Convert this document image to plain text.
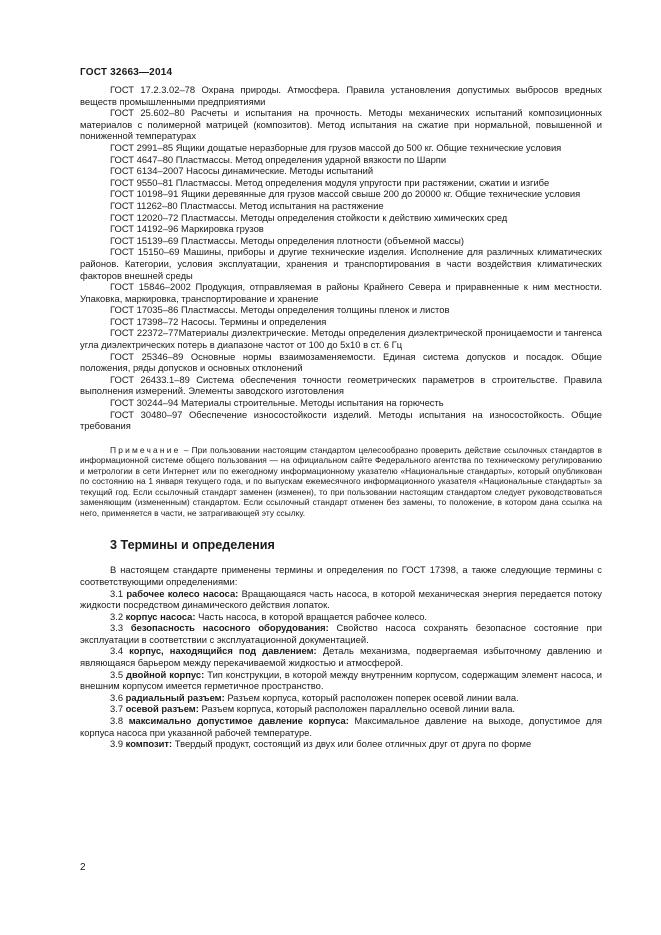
ГОСТ 32663—2014

ГОСТ 17.2.3.02–78 Охрана природы. Атмосфера. Правила установления допустимых выбросов вредных веществ промышленными предприятиями

ГОСТ 25.602–80 Расчеты и испытания на прочность. Методы механических испытаний композиционных материалов с полимерной матрицей (композитов). Метод испытания на сжатие при нормальной, повышенной и пониженной температурах

ГОСТ 2991–85 Ящики дощатые неразборные для грузов массой до 500 кг. Общие технические условия

ГОСТ 4647–80 Пластмассы. Метод определения ударной вязкости по Шарпи

ГОСТ 6134–2007 Насосы динамические. Методы испытаний

ГОСТ 9550–81 Пластмассы. Метод определения модуля упругости при растяжении, сжатии и изгибе

ГОСТ 10198–91 Ящики деревянные для грузов массой свыше 200 до 20000 кг. Общие технические условия

ГОСТ 11262–80 Пластмассы. Метод испытания на растяжение

ГОСТ 12020–72 Пластмассы. Методы определения стойкости к действию химических сред

ГОСТ 14192–96 Маркировка грузов

ГОСТ 15139–69 Пластмассы. Методы определения плотности (объемной массы)

ГОСТ 15150–69 Машины, приборы и другие технические изделия. Исполнение для различных климатических районов. Категории, условия эксплуатации, хранения и транспортирования в части воздействия климатических факторов внешней среды

ГОСТ 15846–2002 Продукция, отправляемая в районы Крайнего Севера и приравненные к ним местности. Упаковка, маркировка, транспортирование и хранение

ГОСТ 17035–86 Пластмассы. Методы определения толщины пленок и листов

ГОСТ 17398–72 Насосы. Термины и определения

ГОСТ 22372–77Материалы диэлектрические. Методы определения диэлектрической проницаемости и тангенса угла диэлектрических потерь в диапазоне частот от 100 до 5х10 в ст. 6 Гц

ГОСТ 25346–89 Основные нормы взаимозаменяемости. Единая система допусков и посадок. Общие положения, ряды допусков и основных отклонений

ГОСТ 26433.1–89 Система обеспечения точности геометрических параметров в строительстве. Правила выполнения измерений. Элементы заводского изготовления

ГОСТ 30244–94 Материалы строительные. Методы испытания на горючесть

ГОСТ 30480–97 Обеспечение износостойкости изделий. Методы испытания на износостойкость. Общие требования

Примечание – При пользовании настоящим стандартом целесообразно проверить действие ссылочных стандартов в информационной системе общего пользования — на официальном сайте Федерального агентства по техническому регулированию и метрологии в сети Интернет или по ежегодному информационному указателю «Национальные стандарты», который опубликован по состоянию на 1 января текущего года, и по выпускам ежемесячного информационного указателя «Национальные стандарты» за текущий год. Если ссылочный стандарт заменен (изменен), то при пользовании настоящим стандартом следует руководствоваться заменяющим (измененным) стандартом. Если ссылочный стандарт отменен без замены, то положение, в котором дана ссылка на него, применяется в части, не затрагивающей эту ссылку.

3 Термины и определения

В настоящем стандарте применены термины и определения по ГОСТ 17398, а также следующие термины с соответствующими определениями:

3.1 рабочее колесо насоса: Вращающаяся часть насоса, в которой механическая энергия передается потоку жидкости посредством динамического действия лопаток.

3.2 корпус насоса: Часть насоса, в которой вращается рабочее колесо.

3.3 безопасность насосного оборудования: Свойство насоса сохранять безопасное состояние при эксплуатации в соответствии с эксплуатационной документацией.

3.4 корпус, находящийся под давлением: Деталь механизма, подвергаемая избыточному давлению и являющаяся барьером между перекачиваемой жидкостью и атмосферой.

3.5 двойной корпус: Тип конструкции, в которой между внутренним корпусом, содержащим элемент насоса, и внешним корпусом имеется герметичное пространство.

3.6 радиальный разъем: Разъем корпуса, который расположен поперек осевой линии вала.

3.7 осевой разъем: Разъем корпуса, который расположен параллельно осевой линии вала.

3.8 максимально допустимое давление корпуса: Максимальное давление на выходе, допустимое для корпуса насоса при указанной рабочей температуре.

3.9 композит: Твердый продукт, состоящий из двух или более отличных друг от друга по форме

2
